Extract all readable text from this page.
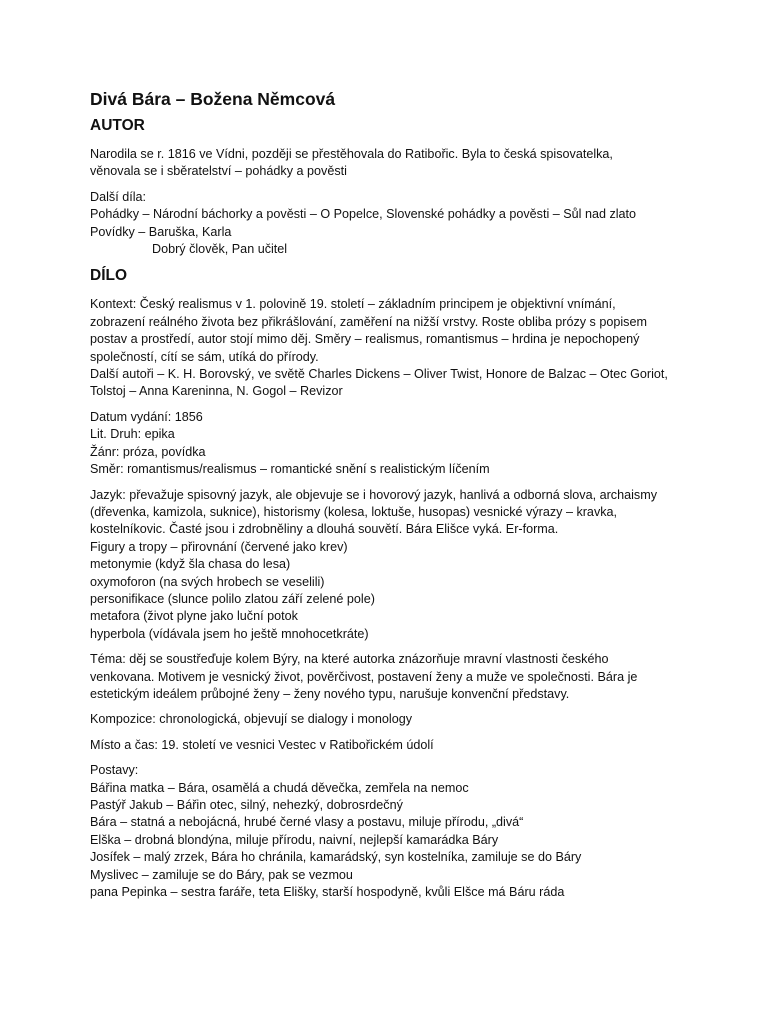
Divá Bára – Božena Němcová
AUTOR
Narodila se r. 1816 ve Vídni, později se přestěhovala do Ratibořic. Byla to česká spisovatelka,
věnovala se i sběratelství – pohádky a pověsti
Další díla:
Pohádky – Národní báchorky a pověsti – O Popelce, Slovenské pohádky a pověsti – Sůl nad zlato
Povídky – Baruška, Karla
Dobrý člověk, Pan učitel
DÍLO
Kontext: Český realismus v 1. polovině 19. století – základním principem je objektivní vnímání,
zobrazení reálného života bez přikrášlování, zaměření na nižší vrstvy. Roste obliba prózy s popisem
postav a prostředí, autor stojí mimo děj. Směry – realismus, romantismus – hrdina je nepochopený
společností, cítí se sám, utíká do přírody.
Další autoři – K. H. Borovský, ve světě Charles Dickens – Oliver Twist, Honore de Balzac – Otec Goriot,
Tolstoj – Anna Kareninna, N. Gogol – Revizor
Datum vydání: 1856
Lit. Druh: epika
Žánr: próza, povídka
Směr: romantismus/realismus – romantické snění s realistickým líčením
Jazyk: převažuje spisovný jazyk, ale objevuje se i hovorový jazyk, hanlivá a odborná slova, archaismy
(dřevenka, kamizola, suknice), historismy (kolesa, loktuše, husopas) vesnické výrazy – kravka,
kostelníkovic. Časté jsou i zdrobněliny a dlouhá souvětí. Bára Elišce vyká. Er-forma.
Figury a tropy – přirovnání (červené jako krev)
metonymie (když šla chasa do lesa)
oxymoforon (na svých hrobech se veselili)
personifikace (slunce polilo zlatou září zelené pole)
metafora (život plyne jako luční potok
hyperbola (vídávala jsem ho ještě mnohocetkráte)
Téma: děj se soustřeďuje kolem Býry, na které autorka znázorňuje mravní vlastnosti českého
venkovana. Motivem je vesnický život, pověrčivost, postavení ženy a muže ve společnosti. Bára je
estetickým ideálem průbojné ženy – ženy nového typu, narušuje konvenční představy.
Kompozice: chronologická, objevují se dialogy i monology
Místo a čas: 19. století ve vesnici Vestec v Ratibořickém údolí
Postavy:
Bářina matka – Bára, osamělá a chudá děvečka, zemřela na nemoc
Pastýř Jakub – Bářin otec, silný, nehezký, dobrosrdečný
Bára – statná a nebojácná, hrubé černé vlasy a postavu, miluje přírodu, „divá“
Elška – drobná blondýna, miluje přírodu, naivní, nejlepší kamarádka Báry
Josífek – malý zrzek, Bára ho chránila, kamarádský, syn kostelníka, zamiluje se do Báry
Myslivec – zamiluje se do Báry, pak se vezmou
pana Pepinka – sestra faráře, teta Elišky, starší hospodyně, kvůli Elšce má Báru ráda
